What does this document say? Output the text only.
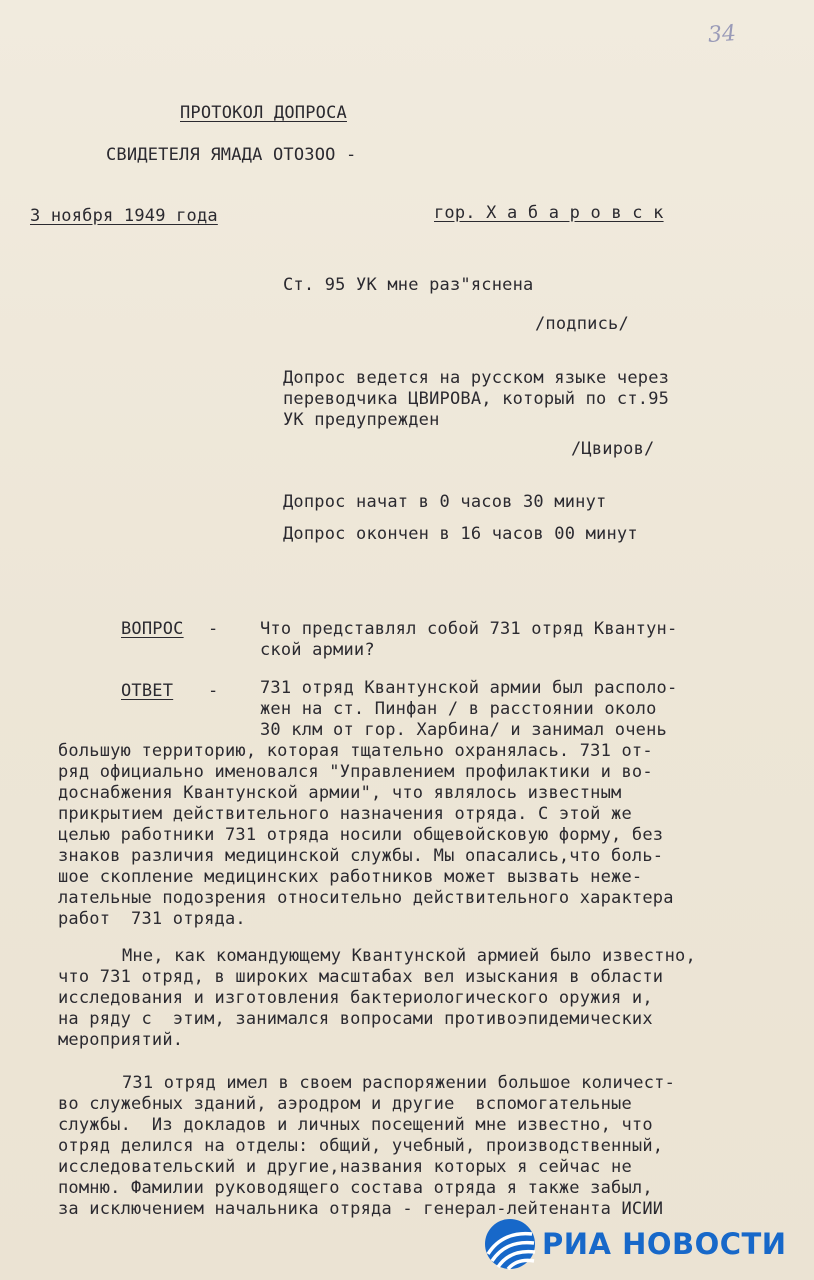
34
ПРОТОКОЛ ДОПРОСА
СВИДЕТЕЛЯ ЯМАДА ОТОЗОО -
3 ноября 1949 года	гор. Х а б а р о в с к
Ст. 95 УК мне раз"яснена
/подпись/
Допрос ведется на русском языке через
переводчика ЦВИРОВА, который по ст.95
УК предупрежден
/Цвиров/
Допрос начат в 0 часов 30 минут
Допрос окончен в 16 часов 00 минут
ВОПРОС - Что представлял собой 731 отряд Квантун-
ской армии?
ОТВЕТ - 731 отряд Квантунской армии был располо-
жен на ст. Пинфан / в расстоянии около
30 клм от гор. Харбина/ и занимал очень
большую территорию, которая тщательно охранялась. 731 от-
ряд официально именовался "Управлением профилактики и во-
доснабжения Квантунской армии", что являлось известным
прикрытием действительного назначения отряда. С этой же
целью работники 731 отряда носили общевойсковую форму, без
знаков различия медицинской службы. Мы опасались,что боль-
шое скопление медицинских работников может вызвать неже-
лательные подозрения относительно действительного характера
работ  731 отряда.
Мне, как командующему Квантунской армией было известно,
что 731 отряд, в широких масштабах вел изыскания в области
исследования и изготовления бактериологического оружия и,
на ряду с  этим, занимался вопросами противоэпидемических
мероприятий.
731 отряд имел в своем распоряжении большое количест-
во служебных зданий, аэродром и другие  вспомогательные
службы.  Из докладов и личных посещений мне известно, что
отряд делился на отделы: общий, учебный, производственный,
исследовательский и другие,названия которых я сейчас не
помню. Фамилии руководящего состава отряда я также забыл,
за исключением начальника отряда - генерал-лейтенанта ИСИИ
РИА НОВОСТИ
